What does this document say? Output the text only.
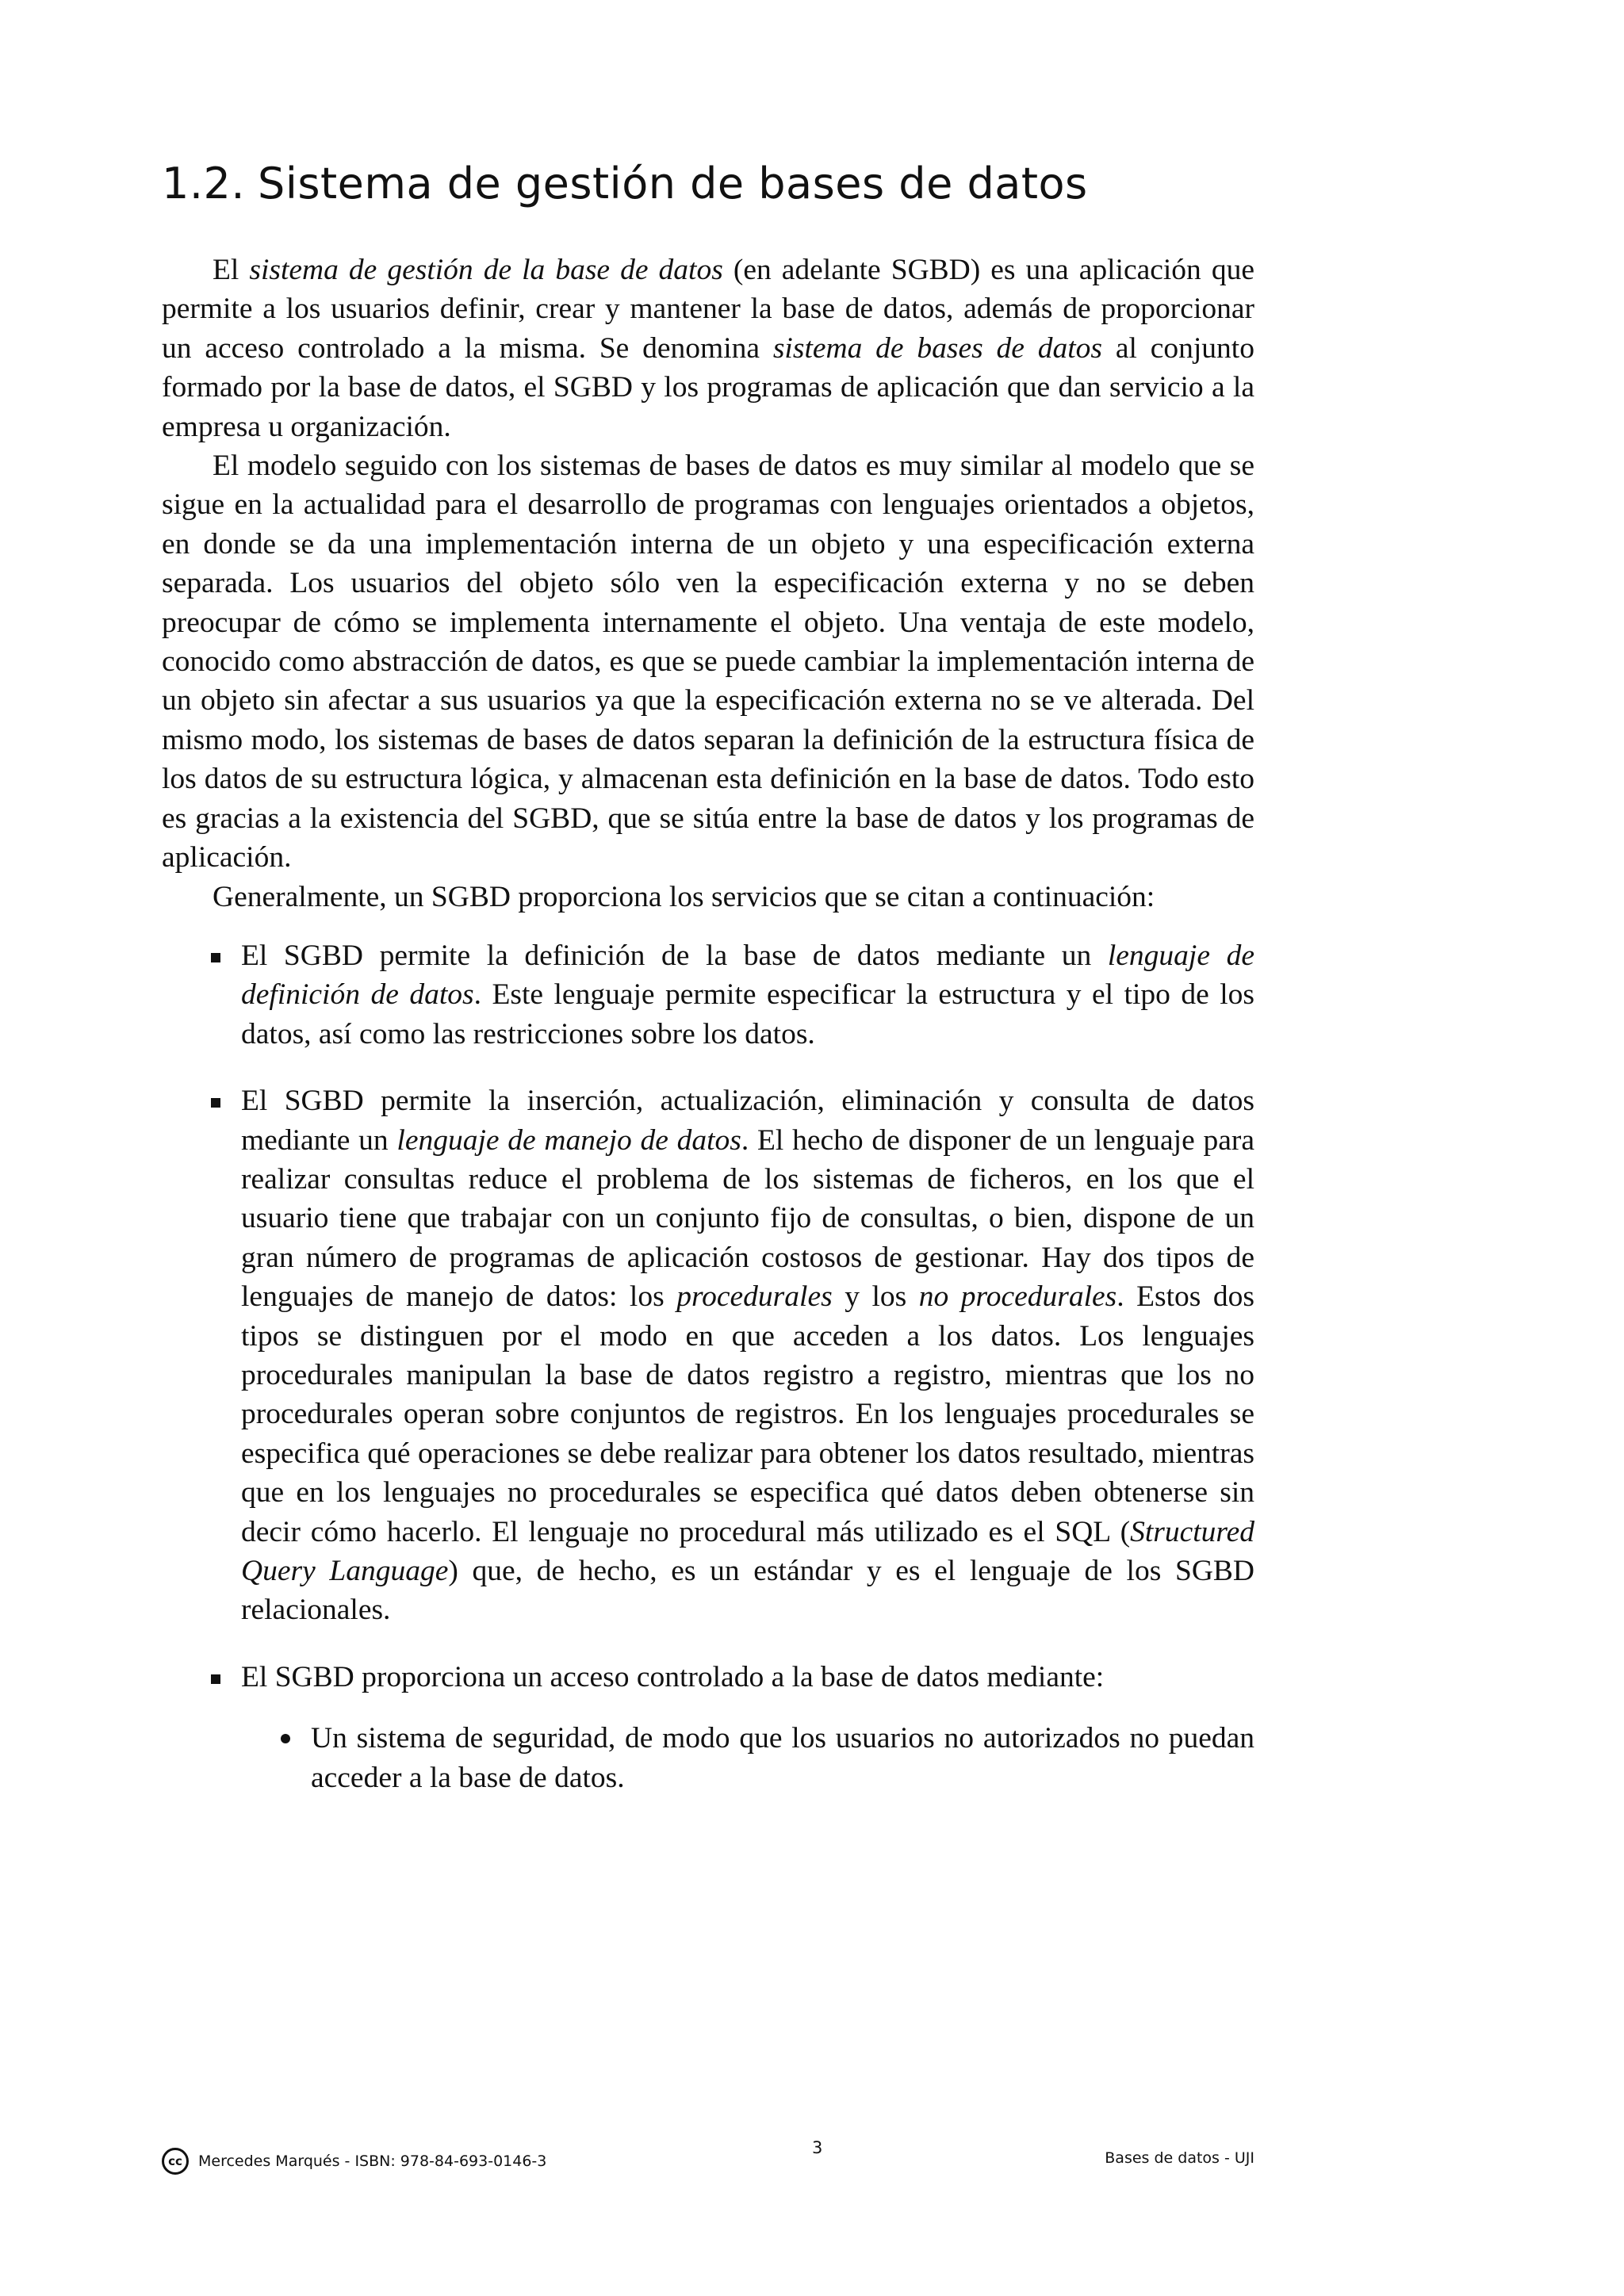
1.2. Sistema de gestión de bases de datos

El sistema de gestión de la base de datos (en adelante SGBD) es una aplicación que permite a los usuarios definir, crear y mantener la base de datos, además de proporcionar un acceso controlado a la misma. Se denomina sistema de bases de datos al conjunto formado por la base de datos, el SGBD y los programas de aplicación que dan servicio a la empresa u organización.

El modelo seguido con los sistemas de bases de datos es muy similar al modelo que se sigue en la actualidad para el desarrollo de programas con lenguajes orientados a objetos, en donde se da una implementación interna de un objeto y una especificación externa separada. Los usuarios del objeto sólo ven la especificación externa y no se deben preocupar de cómo se implementa internamente el objeto. Una ventaja de este modelo, conocido como abstracción de datos, es que se puede cambiar la implementación interna de un objeto sin afectar a sus usuarios ya que la especificación externa no se ve alterada. Del mismo modo, los sistemas de bases de datos separan la definición de la estructura física de los datos de su estructura lógica, y almacenan esta definición en la base de datos. Todo esto es gracias a la existencia del SGBD, que se sitúa entre la base de datos y los programas de aplicación.

Generalmente, un SGBD proporciona los servicios que se citan a continuación:

El SGBD permite la definición de la base de datos mediante un lenguaje de definición de datos. Este lenguaje permite especificar la estructura y el tipo de los datos, así como las restricciones sobre los datos.
El SGBD permite la inserción, actualización, eliminación y consulta de datos mediante un lenguaje de manejo de datos. El hecho de disponer de un lenguaje para realizar consultas reduce el problema de los sistemas de ficheros, en los que el usuario tiene que trabajar con un conjunto fijo de consultas, o bien, dispone de un gran número de programas de aplicación costosos de gestionar. Hay dos tipos de lenguajes de manejo de datos: los procedurales y los no procedurales. Estos dos tipos se distinguen por el modo en que acceden a los datos. Los lenguajes procedurales manipulan la base de datos registro a registro, mientras que los no procedurales operan sobre conjuntos de registros. En los lenguajes procedurales se especifica qué operaciones se debe realizar para obtener los datos resultado, mientras que en los lenguajes no procedurales se especifica qué datos deben obtenerse sin decir cómo hacerlo. El lenguaje no procedural más utilizado es el SQL (Structured Query Language) que, de hecho, es un estándar y es el lenguaje de los SGBD relacionales.
El SGBD proporciona un acceso controlado a la base de datos mediante:
Un sistema de seguridad, de modo que los usuarios no autorizados no puedan acceder a la base de datos.
cc	Mercedes Marqués - ISBN: 978-84-693-0146-3
3
Bases de datos - UJI
